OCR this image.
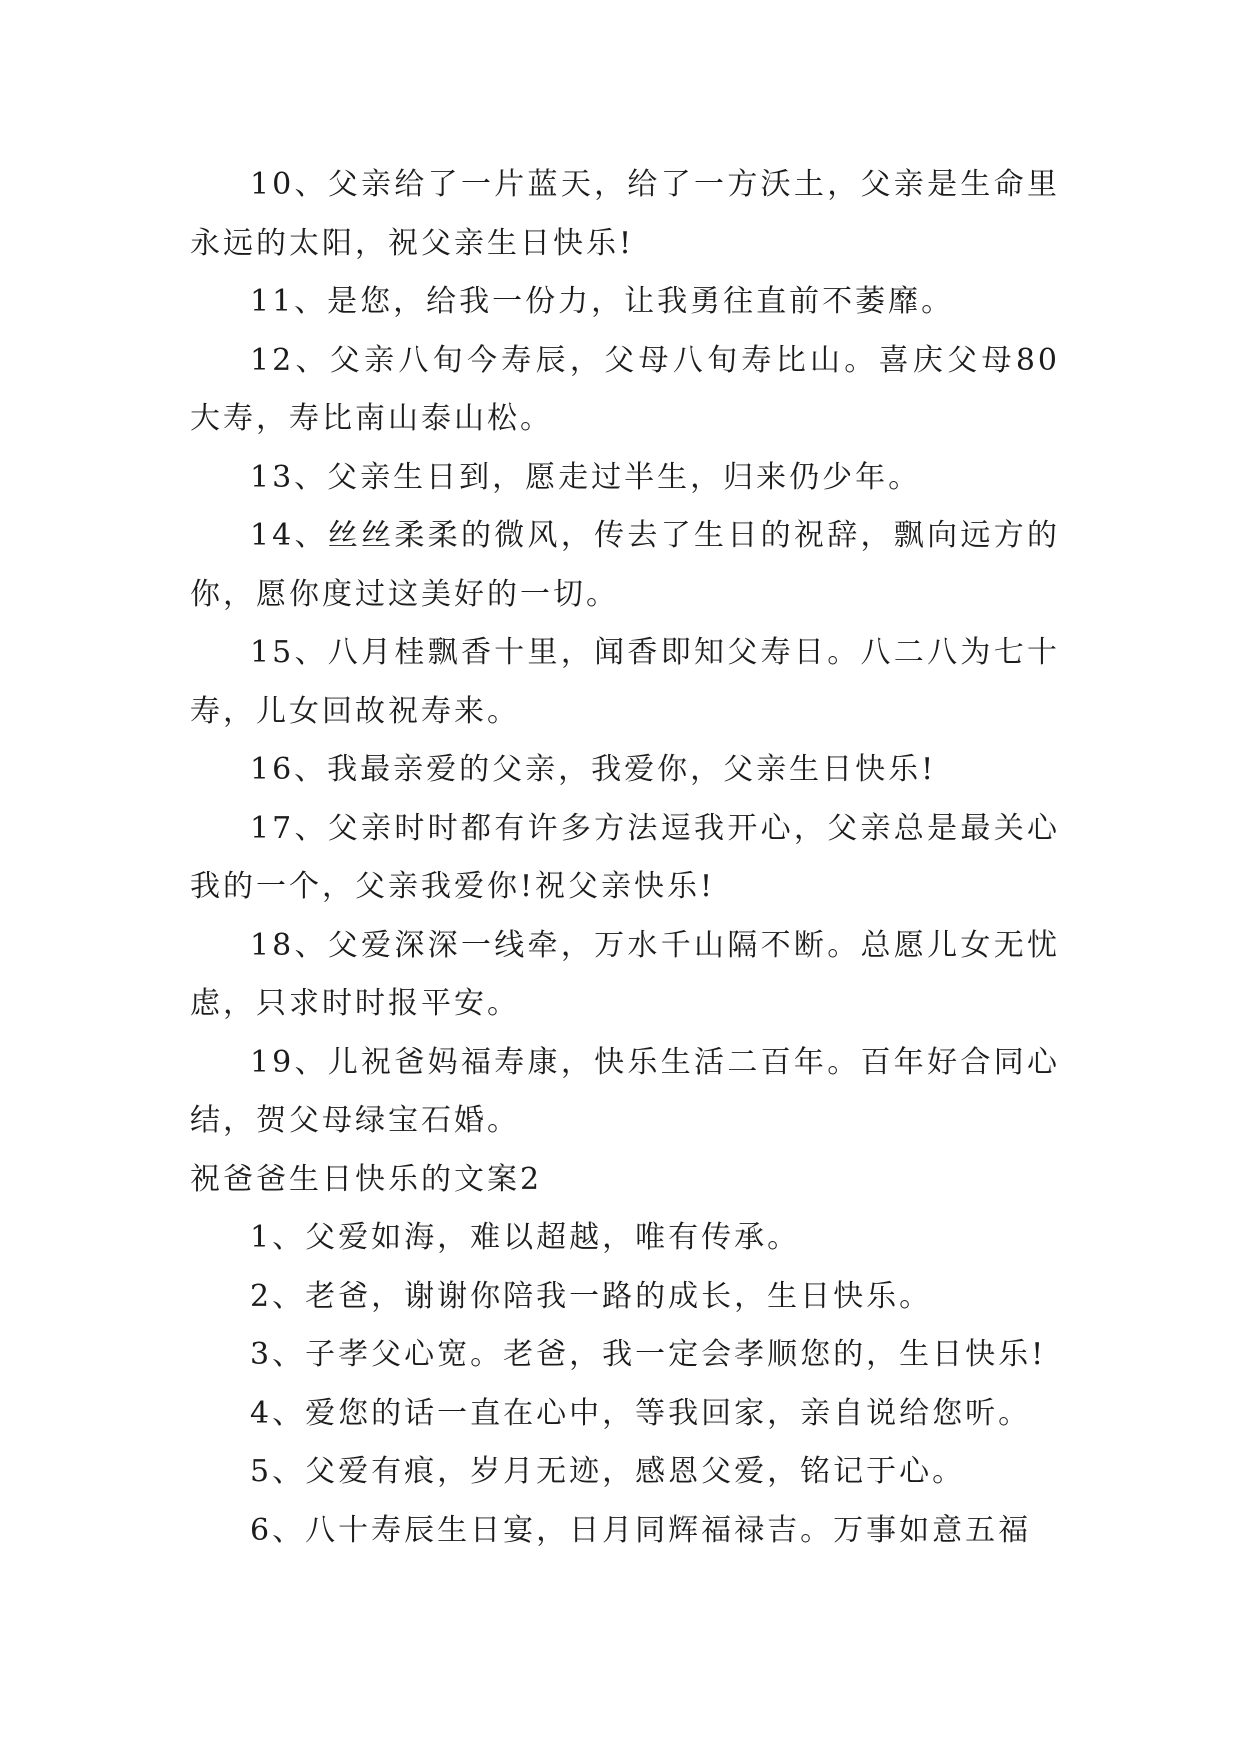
10、父亲给了一片蓝天，给了一方沃土，父亲是生命里永远的太阳，祝父亲生日快乐!

11、是您，给我一份力，让我勇往直前不萎靡。

12、父亲八旬今寿辰，父母八旬寿比山。喜庆父母80大寿，寿比南山泰山松。

13、父亲生日到，愿走过半生，归来仍少年。

14、丝丝柔柔的微风，传去了生日的祝辞，飘向远方的你，愿你度过这美好的一切。

15、八月桂飘香十里，闻香即知父寿日。八二八为七十寿，儿女回故祝寿来。

16、我最亲爱的父亲，我爱你，父亲生日快乐!

17、父亲时时都有许多方法逗我开心，父亲总是最关心我的一个，父亲我爱你!祝父亲快乐!

18、父爱深深一线牵，万水千山隔不断。总愿儿女无忧虑，只求时时报平安。

19、儿祝爸妈福寿康，快乐生活二百年。百年好合同心结，贺父母绿宝石婚。

祝爸爸生日快乐的文案2

1、父爱如海，难以超越，唯有传承。

2、老爸，谢谢你陪我一路的成长，生日快乐。

3、子孝父心宽。老爸，我一定会孝顺您的，生日快乐!

4、爱您的话一直在心中，等我回家，亲自说给您听。

5、父爱有痕，岁月无迹，感恩父爱，铭记于心。

6、八十寿辰生日宴，日月同辉福禄吉。万事如意五福
